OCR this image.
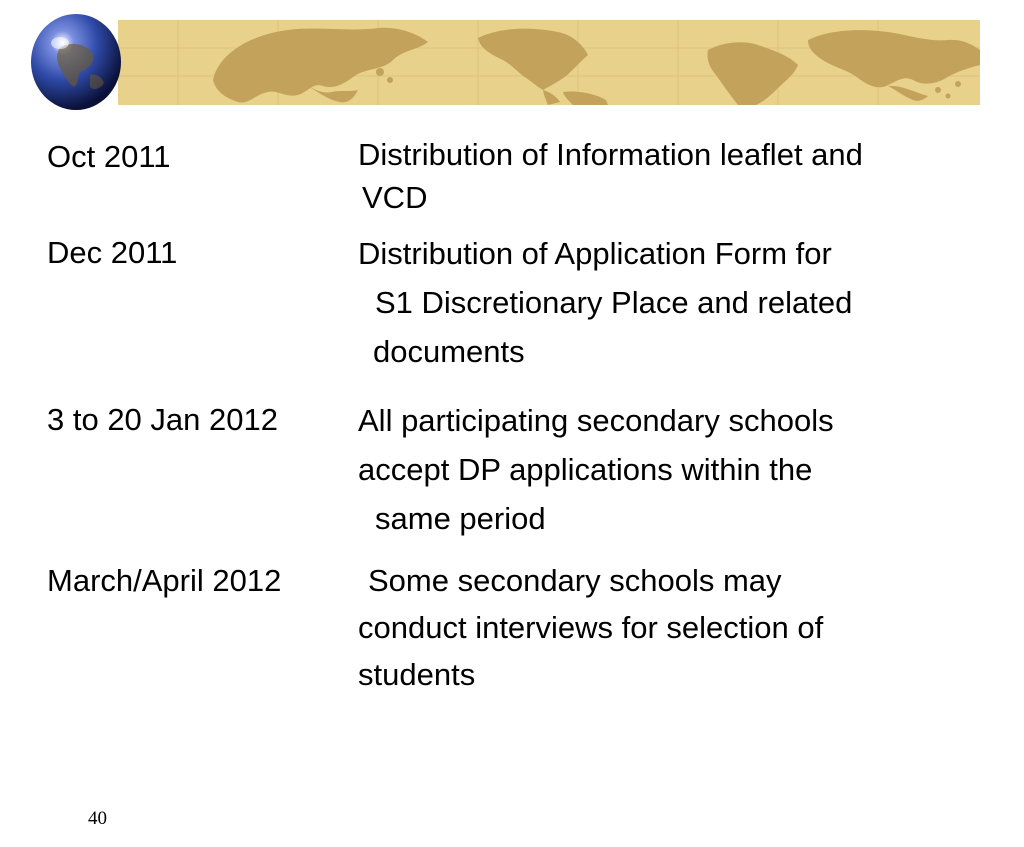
Oct 2011	Distribution of Information leaflet and
VCD
Dec 2011	Distribution of Application Form for
S1 Discretionary Place and related
documents
3 to 20 Jan 2012	All participating secondary schools
accept DP applications within the
same period
March/April 2012	Some secondary schools may
conduct interviews for selection of
students
40
